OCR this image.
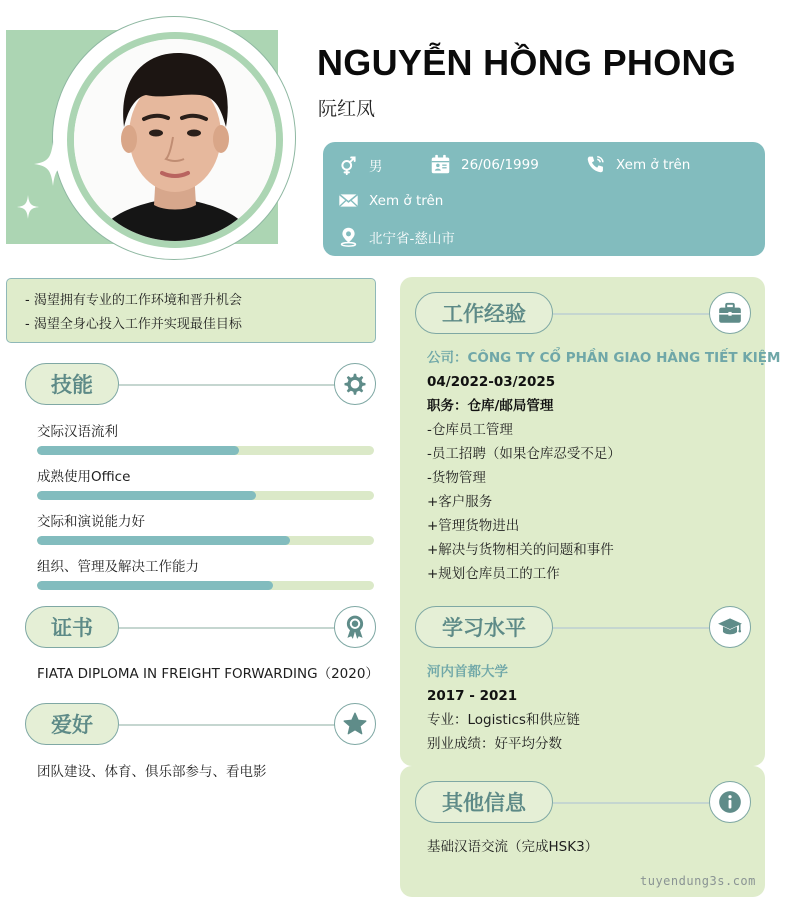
NGUYỄN HỒNG PHONG
阮红凤
男	26/06/1999	Xem ở trên
Xem ở trên
北宁省-慈山市
- 渴望拥有专业的工作环境和晋升机会
- 渴望全身心投入工作并实现最佳目标
技能
交际汉语流利
成熟使用Office
交际和演说能力好
组织、管理及解决工作能力
证书
FIATA DIPLOMA IN FREIGHT FORWARDING（2020）
爱好
团队建设、体育、俱乐部参与、看电影
工作经验
公司：CÔNG TY CỔ PHẦN GIAO HÀNG TIẾT KIỆM
04/2022-03/2025
职务：仓库/邮局管理
-仓库员工管理
-员工招聘（如果仓库忍受不足）
-货物管理
+客户服务
+管理货物进出
+解决与货物相关的问题和事件
+规划仓库员工的工作
学习水平
河内首都大学
2017 - 2021
专业：Logistics和供应链
别业成绩：好平均分数
其他信息
基础汉语交流（完成HSK3）
tuyendung3s.com
